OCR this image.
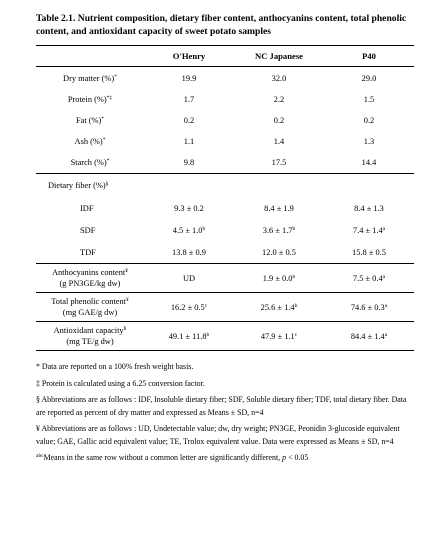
Table 2.1. Nutrient composition, dietary fiber content, anthocyanins content, total phenolic content, and antioxidant capacity of sweet potato samples
	O'Henry	NC Japanese	P40
Dry matter (%)*	19.9	32.0	29.0
Protein (%)*‡	1.7	2.2	1.5
Fat (%)*	0.2	0.2	0.2
Ash (%)*	1.1	1.4	1.3
Starch (%)*	9.8	17.5	14.4
Dietary fiber (%)§
IDF	9.3 ± 0.2	8.4 ± 1.9	8.4 ± 1.3
SDF	4.5 ± 1.0$^b$	3.6 ± 1.7$^b$	7.4 ± 1.4$^a$
TDF	13.8 ± 0.9	12.0 ± 0.5	15.8 ± 0.5
Anthocyanins content¥
(g PN3GE/kg dw)	UD	1.9 ± 0.0$^b$	7.5 ± 0.4$^a$
Total phenolic content¥
(mg GAE/g dw)	16.2 ± 0.5$^c$	25.6 ± 1.4$^b$	74.6 ± 0.3$^a$
Antioxidant capacity¥
(mg TE/g dw)	49.1 ± 11.8$^b$	47.9 ± 1.1$^c$	84.4 ± 1.4$^a$

* Data are reported on a 100% fresh weight basis.

‡ Protein is calculated using a 6.25 conversion factor.

§ Abbreviations are as follows : IDF, Insoluble dietary fiber; SDF, Soluble dietary fiber; TDF, total dietary fiber. Data are reported as percent of dry matter and expressed as Means ± SD, n=4

¥ Abbreviations are as follows : UD, Undetectable value; dw, dry weight; PN3GE, Peonidin 3-glucoside equivalent value; GAE, Gallic acid equivalent value; TE, Trolox equivalent value. Data were expressed as Means ± SD, n=4

$^{abc}$Means in the same row without a common letter are significantly different, p < 0.05
